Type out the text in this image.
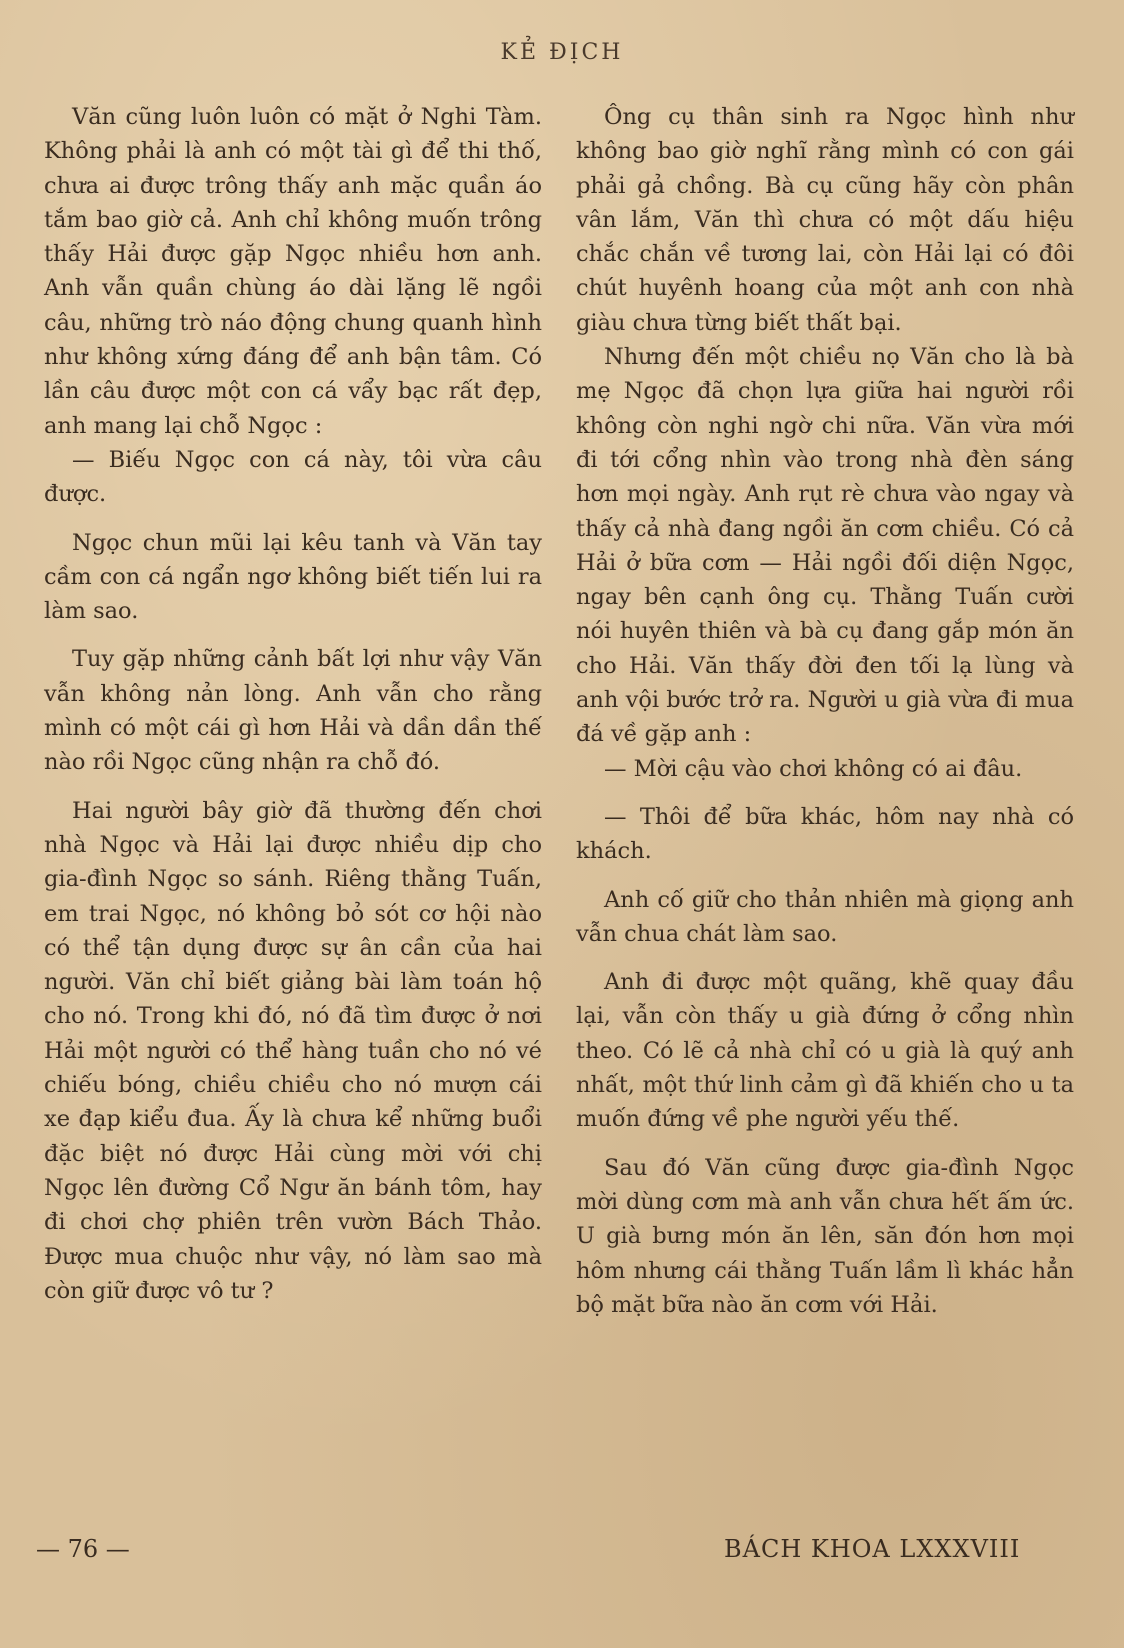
KẺ ĐỊCH

Văn cũng luôn luôn có mặt ở Nghi Tàm. Không phải là anh có một tài gì để thi thố, chưa ai được trông thấy anh mặc quần áo tắm bao giờ cả. Anh chỉ không muốn trông thấy Hải được gặp Ngọc nhiều hơn anh. Anh vẫn quần chùng áo dài lặng lẽ ngồi câu, những trò náo động chung quanh hình như không xứng đáng để anh bận tâm. Có lần câu được một con cá vẩy bạc rất đẹp, anh mang lại chỗ Ngọc :

— Biếu Ngọc con cá này, tôi vừa câu được.

Ngọc chun mũi lại kêu tanh và Văn tay cầm con cá ngẩn ngơ không biết tiến lui ra làm sao.

Tuy gặp những cảnh bất lợi như vậy Văn vẫn không nản lòng. Anh vẫn cho rằng mình có một cái gì hơn Hải và dần dần thế nào rồi Ngọc cũng nhận ra chỗ đó.

Hai người bây giờ đã thường đến chơi nhà Ngọc và Hải lại được nhiều dịp cho gia-đình Ngọc so sánh. Riêng thằng Tuấn, em trai Ngọc, nó không bỏ sót cơ hội nào có thể tận dụng được sự ân cần của hai người. Văn chỉ biết giảng bài làm toán hộ cho nó. Trong khi đó, nó đã tìm được ở nơi Hải một người có thể hàng tuần cho nó vé chiếu bóng, chiều chiều cho nó mượn cái xe đạp kiểu đua. Ấy là chưa kể những buổi đặc biệt nó được Hải cùng mời với chị Ngọc lên đường Cổ Ngư ăn bánh tôm, hay đi chơi chợ phiên trên vườn Bách Thảo. Được mua chuộc như vậy, nó làm sao mà còn giữ được vô tư ?

Ông cụ thân sinh ra Ngọc hình như không bao giờ nghĩ rằng mình có con gái phải gả chồng. Bà cụ cũng hãy còn phân vân lắm, Văn thì chưa có một dấu hiệu chắc chắn về tương lai, còn Hải lại có đôi chút huyênh hoang của một anh con nhà giàu chưa từng biết thất bại.

Nhưng đến một chiều nọ Văn cho là bà mẹ Ngọc đã chọn lựa giữa hai người rồi không còn nghi ngờ chi nữa. Văn vừa mới đi tới cổng nhìn vào trong nhà đèn sáng hơn mọi ngày. Anh rụt rè chưa vào ngay và thấy cả nhà đang ngồi ăn cơm chiều. Có cả Hải ở bữa cơm — Hải ngồi đối diện Ngọc, ngay bên cạnh ông cụ. Thằng Tuấn cười nói huyên thiên và bà cụ đang gắp món ăn cho Hải. Văn thấy đời đen tối lạ lùng và anh vội bước trở ra. Người u già vừa đi mua đá về gặp anh :

— Mời cậu vào chơi không có ai đâu.

— Thôi để bữa khác, hôm nay nhà có khách.

Anh cố giữ cho thản nhiên mà giọng anh vẫn chua chát làm sao.

Anh đi được một quãng, khẽ quay đầu lại, vẫn còn thấy u già đứng ở cổng nhìn theo. Có lẽ cả nhà chỉ có u già là quý anh nhất, một thứ linh cảm gì đã khiến cho u ta muốn đứng về phe người yếu thế.

Sau đó Văn cũng được gia-đình Ngọc mời dùng cơm mà anh vẫn chưa hết ấm ức. U già bưng món ăn lên, săn đón hơn mọi hôm nhưng cái thằng Tuấn lầm lì khác hẳn bộ mặt bữa nào ăn cơm với Hải.

— 76 —	BÁCH KHOA LXXXVIII
